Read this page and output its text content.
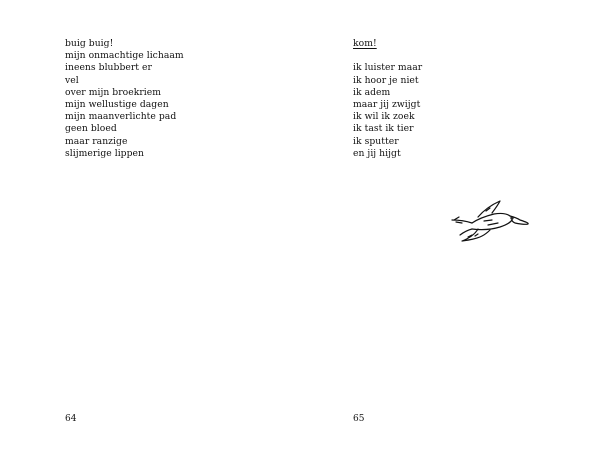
buig buig!
mijn onmachtige lichaam
ineens blubbert er
vel
over mijn broekriem
mijn wellustige dagen
mijn maanverlichte pad
geen bloed
maar ranzige
slijmerige lippen
64
kom!
ik luister maar
ik hoor je niet
ik adem
maar jij zwijgt
ik wil ik zoek
ik tast ik tier
ik sputter
en jij hijgt
65
